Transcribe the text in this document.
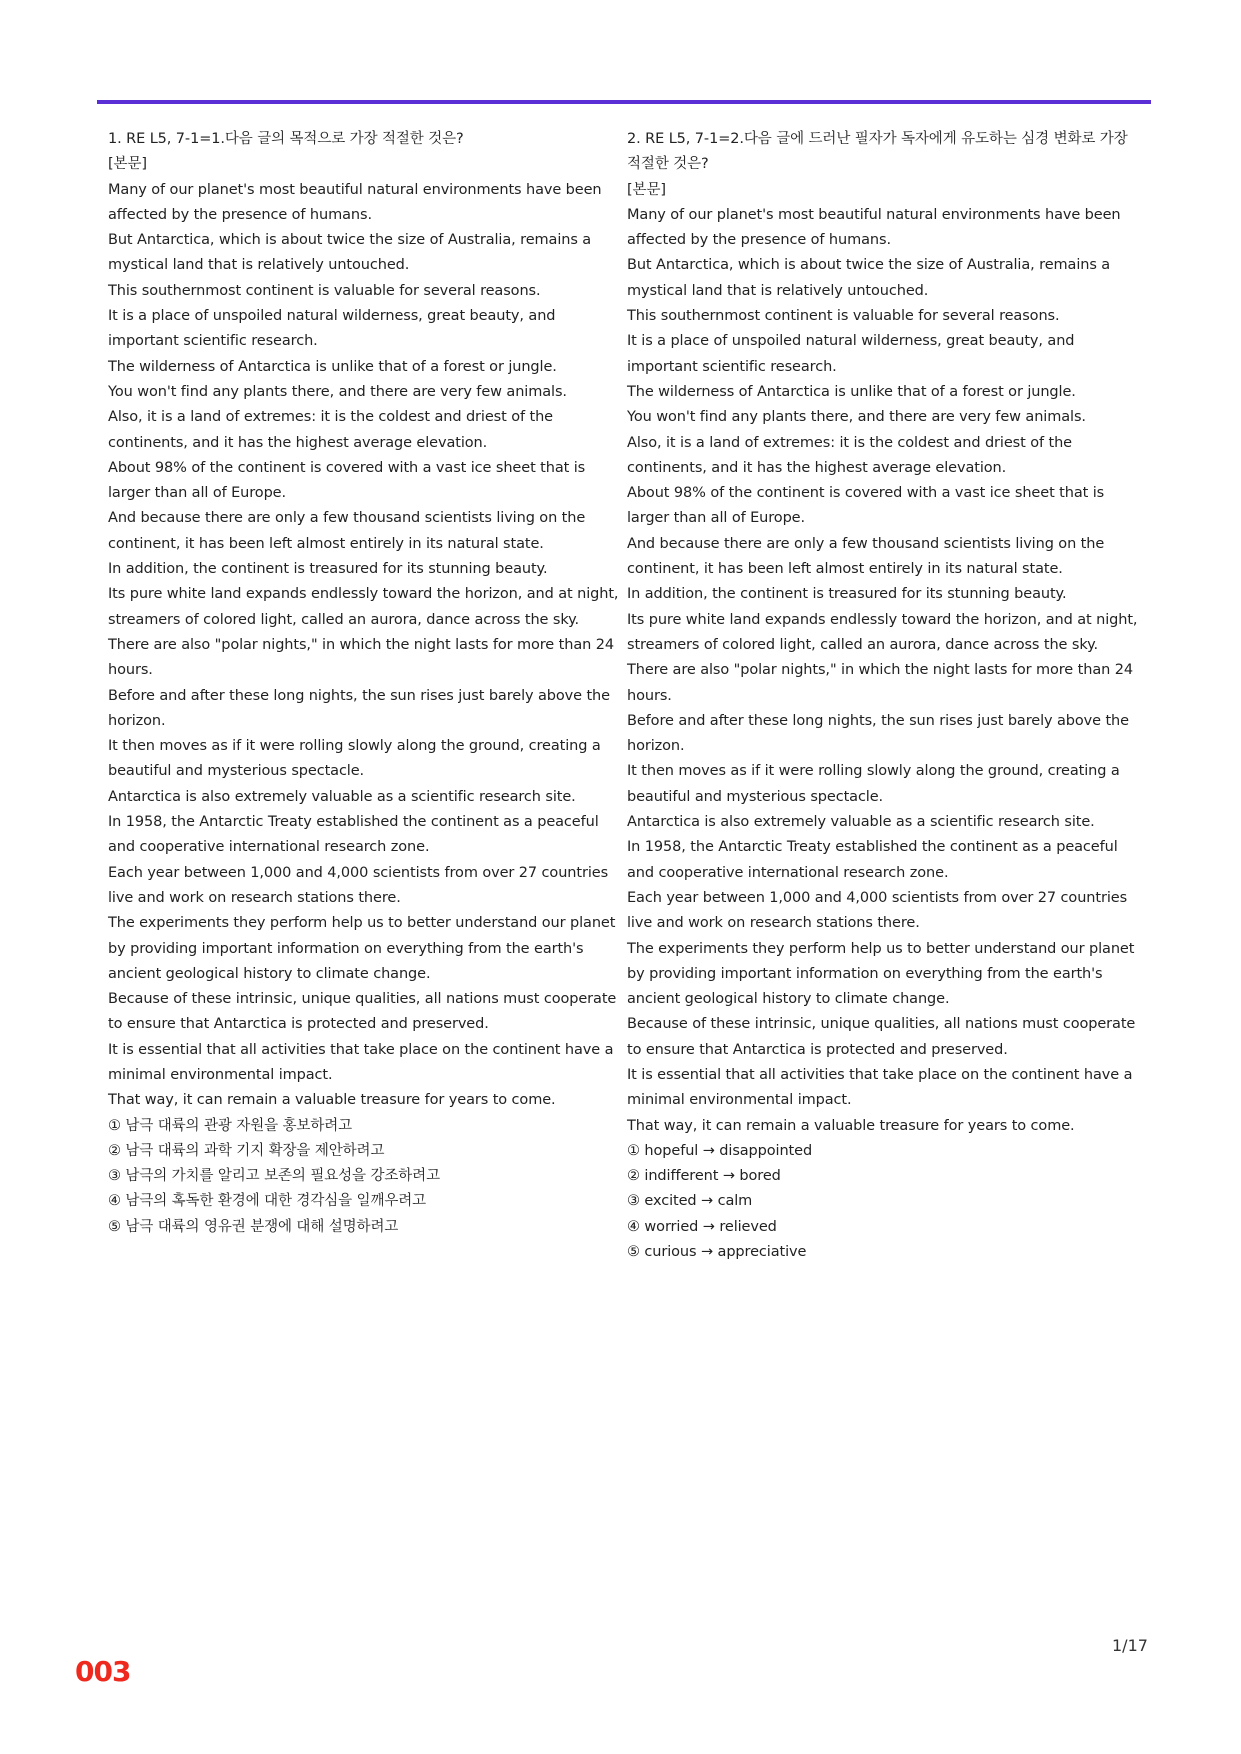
1. RE L5, 7-1=1.다음 글의 목적으로 가장 적절한 것은?
[본문]
Many of our planet's most beautiful natural environments have been affected by the presence of humans.
But Antarctica, which is about twice the size of Australia, remains a mystical land that is relatively untouched.
This southernmost continent is valuable for several reasons.
It is a place of unspoiled natural wilderness, great beauty, and important scientific research.
The wilderness of Antarctica is unlike that of a forest or jungle.
You won't find any plants there, and there are very few animals.
Also, it is a land of extremes: it is the coldest and driest of the continents, and it has the highest average elevation.
About 98% of the continent is covered with a vast ice sheet that is larger than all of Europe.
And because there are only a few thousand scientists living on the continent, it has been left almost entirely in its natural state.
In addition, the continent is treasured for its stunning beauty.
Its pure white land expands endlessly toward the horizon, and at night, streamers of colored light, called an aurora, dance across the sky.
There are also "polar nights," in which the night lasts for more than 24 hours.
Before and after these long nights, the sun rises just barely above the horizon.
It then moves as if it were rolling slowly along the ground, creating a beautiful and mysterious spectacle.
Antarctica is also extremely valuable as a scientific research site.
In 1958, the Antarctic Treaty established the continent as a peaceful and cooperative international research zone.
Each year between 1,000 and 4,000 scientists from over 27 countries live and work on research stations there.
The experiments they perform help us to better understand our planet by providing important information on everything from the earth's ancient geological history to climate change.
Because of these intrinsic, unique qualities, all nations must cooperate to ensure that Antarctica is protected and preserved.
It is essential that all activities that take place on the continent have a minimal environmental impact.
That way, it can remain a valuable treasure for years to come.
① 남극 대륙의 관광 자원을 홍보하려고
② 남극 대륙의 과학 기지 확장을 제안하려고
③ 남극의 가치를 알리고 보존의 필요성을 강조하려고
④ 남극의 혹독한 환경에 대한 경각심을 일깨우려고
⑤ 남극 대륙의 영유권 분쟁에 대해 설명하려고
2. RE L5, 7-1=2.다음 글에 드러난 필자가 독자에게 유도하는 심경 변화로 가장 적절한 것은?
[본문]
Many of our planet's most beautiful natural environments have been affected by the presence of humans.
But Antarctica, which is about twice the size of Australia, remains a mystical land that is relatively untouched.
This southernmost continent is valuable for several reasons.
It is a place of unspoiled natural wilderness, great beauty, and important scientific research.
The wilderness of Antarctica is unlike that of a forest or jungle.
You won't find any plants there, and there are very few animals.
Also, it is a land of extremes: it is the coldest and driest of the continents, and it has the highest average elevation.
About 98% of the continent is covered with a vast ice sheet that is larger than all of Europe.
And because there are only a few thousand scientists living on the continent, it has been left almost entirely in its natural state.
In addition, the continent is treasured for its stunning beauty.
Its pure white land expands endlessly toward the horizon, and at night, streamers of colored light, called an aurora, dance across the sky.
There are also "polar nights," in which the night lasts for more than 24 hours.
Before and after these long nights, the sun rises just barely above the horizon.
It then moves as if it were rolling slowly along the ground, creating a beautiful and mysterious spectacle.
Antarctica is also extremely valuable as a scientific research site.
In 1958, the Antarctic Treaty established the continent as a peaceful and cooperative international research zone.
Each year between 1,000 and 4,000 scientists from over 27 countries live and work on research stations there.
The experiments they perform help us to better understand our planet by providing important information on everything from the earth's ancient geological history to climate change.
Because of these intrinsic, unique qualities, all nations must cooperate to ensure that Antarctica is protected and preserved.
It is essential that all activities that take place on the continent have a minimal environmental impact.
That way, it can remain a valuable treasure for years to come.
① hopeful → disappointed
② indifferent → bored
③ excited → calm
④ worried → relieved
⑤ curious → appreciative
1/17
003
